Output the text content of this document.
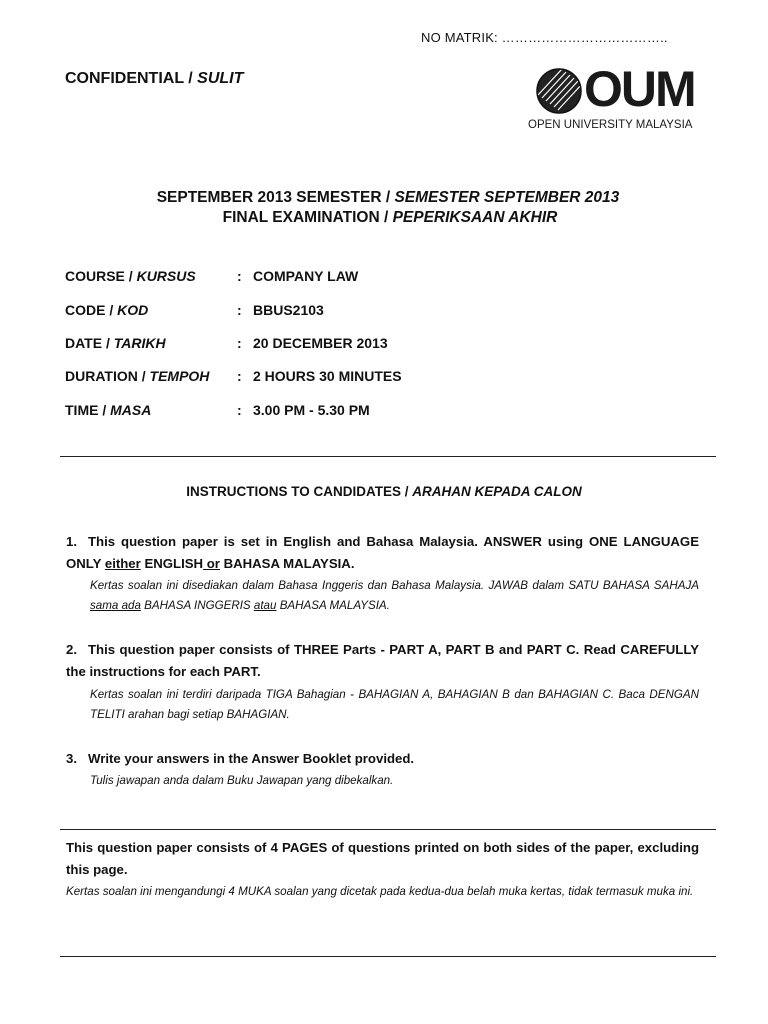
NO MATRIK: ………………………………..
CONFIDENTIAL / SULIT	OUM
OPEN UNIVERSITY MALAYSIA
SEPTEMBER 2013 SEMESTER / SEMESTER SEPTEMBER 2013
FINAL EXAMINATION / PEPERIKSAAN AKHIR
COURSE / KURSUS	: COMPANY LAW
CODE / KOD	: BBUS2103
DATE / TARIKH	: 20 DECEMBER 2013
DURATION / TEMPOH : 2 HOURS 30 MINUTES
TIME / MASA	: 3.00 PM - 5.30 PM
INSTRUCTIONS TO CANDIDATES / ARAHAN KEPADA CALON
1. This question paper is set in English and Bahasa Malaysia. ANSWER using ONE LANGUAGE ONLY either ENGLISH or BAHASA MALAYSIA.
Kertas soalan ini disediakan dalam Bahasa Inggeris dan Bahasa Malaysia. JAWAB dalam SATU BAHASA SAHAJA sama ada BAHASA INGGERIS atau BAHASA MALAYSIA.
2. This question paper consists of THREE Parts - PART A, PART B and PART C. Read CAREFULLY the instructions for each PART.
Kertas soalan ini terdiri daripada TIGA Bahagian - BAHAGIAN A, BAHAGIAN B dan BAHAGIAN C. Baca DENGAN TELITI arahan bagi setiap BAHAGIAN.
3. Write your answers in the Answer Booklet provided.
Tulis jawapan anda dalam Buku Jawapan yang dibekalkan.
This question paper consists of 4 PAGES of questions printed on both sides of the paper, excluding this page.
Kertas soalan ini mengandungi 4 MUKA soalan yang dicetak pada kedua-dua belah muka kertas, tidak termasuk muka ini.
